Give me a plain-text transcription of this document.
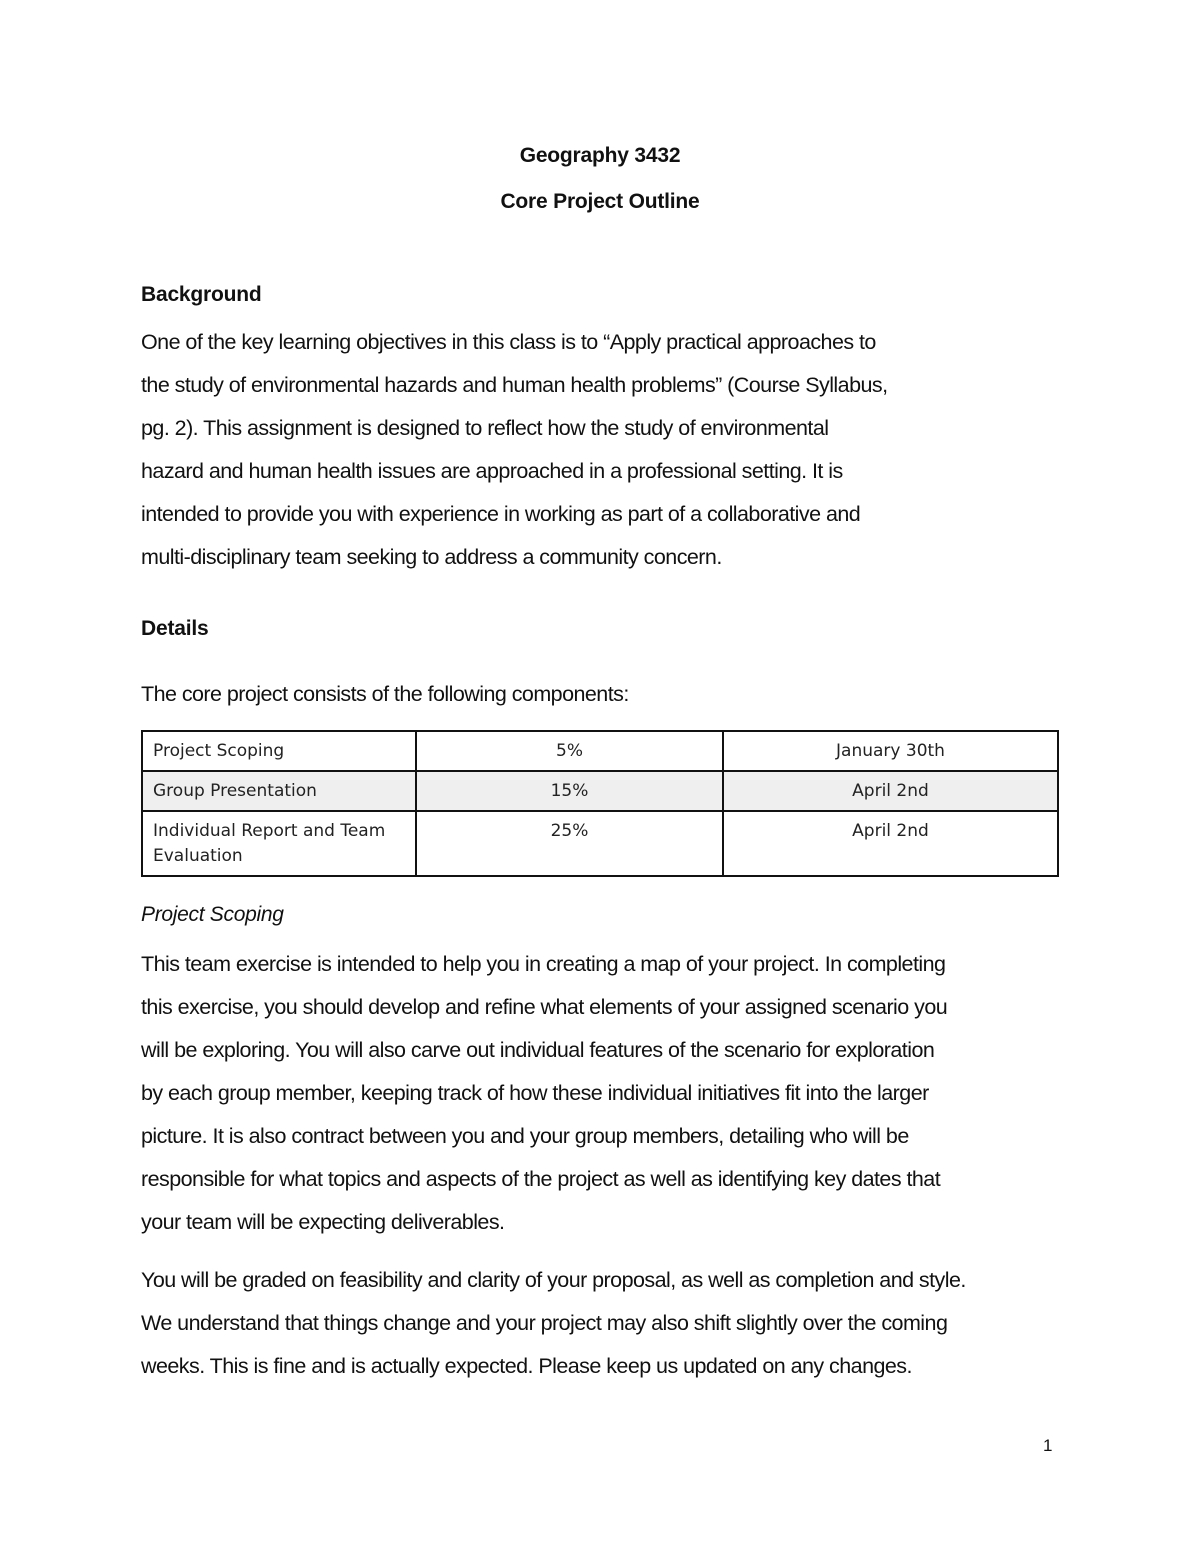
Geography 3432
Core Project Outline
Background
One of the key learning objectives in this class is to “Apply practical approaches to
the study of environmental hazards and human health problems” (Course Syllabus,
pg. 2). This assignment is designed to reflect how the study of environmental
hazard and human health issues are approached in a professional setting. It is
intended to provide you with experience in working as part of a collaborative and
multi-disciplinary team seeking to address a community concern.
Details
The core project consists of the following components:
Project Scoping	5%	January 30th
Group Presentation	15%	April 2nd
Individual Report and Team Evaluation	25%	April 2nd
Project Scoping
This team exercise is intended to help you in creating a map of your project. In completing
this exercise, you should develop and refine what elements of your assigned scenario you
will be exploring. You will also carve out individual features of the scenario for exploration
by each group member, keeping track of how these individual initiatives fit into the larger
picture. It is also contract between you and your group members, detailing who will be
responsible for what topics and aspects of the project as well as identifying key dates that
your team will be expecting deliverables.
You will be graded on feasibility and clarity of your proposal, as well as completion and style.
We understand that things change and your project may also shift slightly over the coming
weeks. This is fine and is actually expected. Please keep us updated on any changes.
1
